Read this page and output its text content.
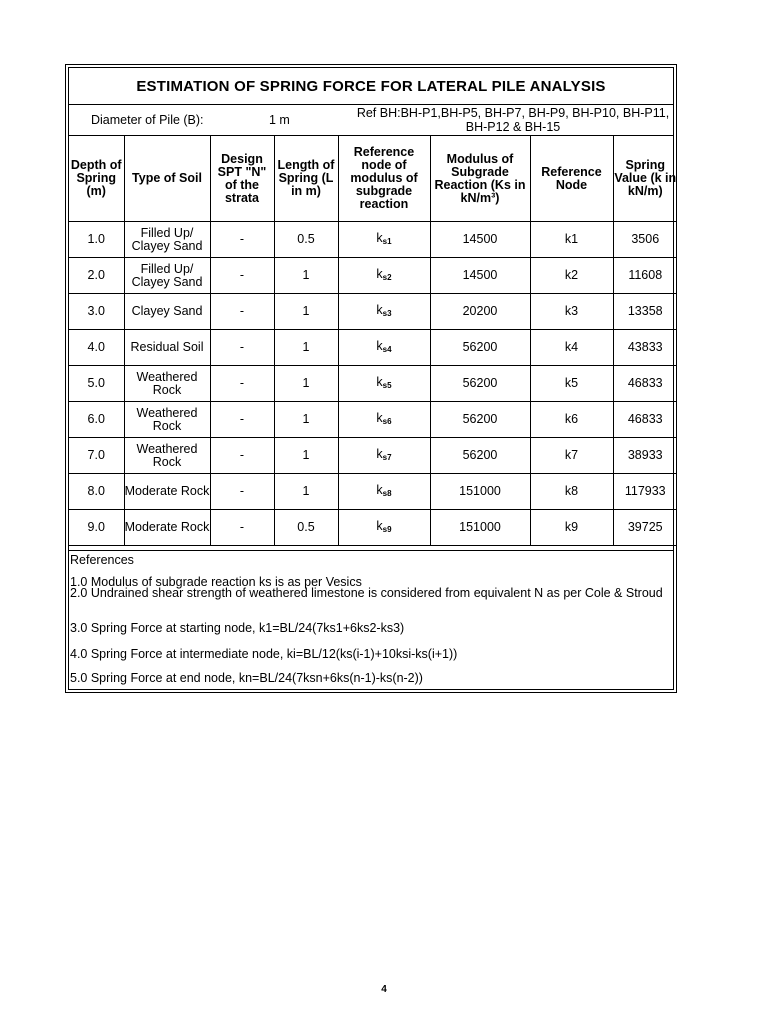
ESTIMATION OF SPRING FORCE FOR LATERAL PILE ANALYSIS
Diameter of Pile (B):	1 m	Ref BH:BH-P1,BH-P5, BH-P7, BH-P9, BH-P10, BH-P11, BH-P12 & BH-15
Depth of Spring (m)	Type of Soil	Design SPT "N" of the strata	Length of Spring (L in m)	Reference node of modulus of subgrade reaction	Modulus of Subgrade Reaction (Ks in kN/m³)	Reference Node	Spring Value (k in kN/m)
1.0	Filled Up/ Clayey Sand	-	0.5	$k_{s1}$	14500	k1	3506
2.0	Filled Up/ Clayey Sand	-	1	$k_{s2}$	14500	k2	11608
3.0	Clayey Sand	-	1	$k_{s3}$	20200	k3	13358
4.0	Residual Soil	-	1	$k_{s4}$	56200	k4	43833
5.0	Weathered Rock	-	1	$k_{s5}$	56200	k5	46833
6.0	Weathered Rock	-	1	$k_{s6}$	56200	k6	46833
7.0	Weathered Rock	-	1	$k_{s7}$	56200	k7	38933
8.0	Moderate Rock	-	1	$k_{s8}$	151000	k8	117933
9.0	Moderate Rock	-	0.5	$k_{s9}$	151000	k9	39725
References
1.0 Modulus of subgrade reaction ks is as per Vesics
2.0 Undrained shear strength of weathered limestone is considered from equivalent N as per Cole & Stroud
3.0 Spring Force at starting node, k1=BL/24(7ks1+6ks2-ks3)
4.0 Spring Force at intermediate node, ki=BL/12(ks(i-1)+10ksi-ks(i+1))
5.0 Spring Force at end node, kn=BL/24(7ksn+6ks(n-1)-ks(n-2))
4
